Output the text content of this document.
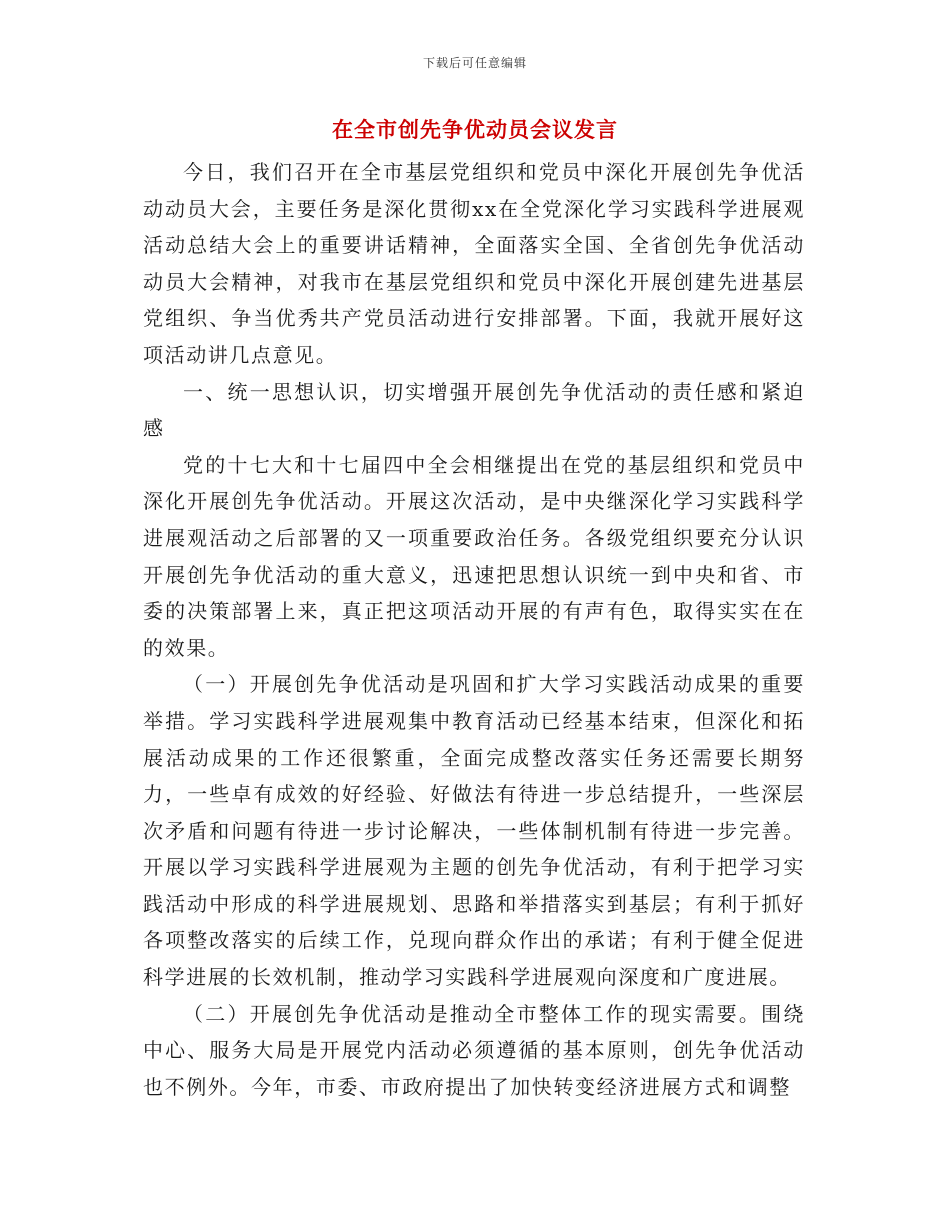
下载后可任意编辑
在全市创先争优动员会议发言

今日，我们召开在全市基层党组织和党员中深化开展创先争优活动动员大会，主要任务是深化贯彻xx在全党深化学习实践科学进展观活动总结大会上的重要讲话精神，全面落实全国、全省创先争优活动动员大会精神，对我市在基层党组织和党员中深化开展创建先进基层党组织、争当优秀共产党员活动进行安排部署。下面，我就开展好这项活动讲几点意见。

一、统一思想认识，切实增强开展创先争优活动的责任感和紧迫感

党的十七大和十七届四中全会相继提出在党的基层组织和党员中深化开展创先争优活动。开展这次活动，是中央继深化学习实践科学进展观活动之后部署的又一项重要政治任务。各级党组织要充分认识开展创先争优活动的重大意义，迅速把思想认识统一到中央和省、市委的决策部署上来，真正把这项活动开展的有声有色，取得实实在在的效果。

（一）开展创先争优活动是巩固和扩大学习实践活动成果的重要举措。学习实践科学进展观集中教育活动已经基本结束，但深化和拓展活动成果的工作还很繁重，全面完成整改落实任务还需要长期努力，一些卓有成效的好经验、好做法有待进一步总结提升，一些深层次矛盾和问题有待进一步讨论解决，一些体制机制有待进一步完善。开展以学习实践科学进展观为主题的创先争优活动，有利于把学习实践活动中形成的科学进展规划、思路和举措落实到基层；有利于抓好各项整改落实的后续工作，兑现向群众作出的承诺；有利于健全促进科学进展的长效机制，推动学习实践科学进展观向深度和广度进展。

（二）开展创先争优活动是推动全市整体工作的现实需要。围绕中心、服务大局是开展党内活动必须遵循的基本原则，创先争优活动也不例外。今年，市委、市政府提出了加快转变经济进展方式和调整
